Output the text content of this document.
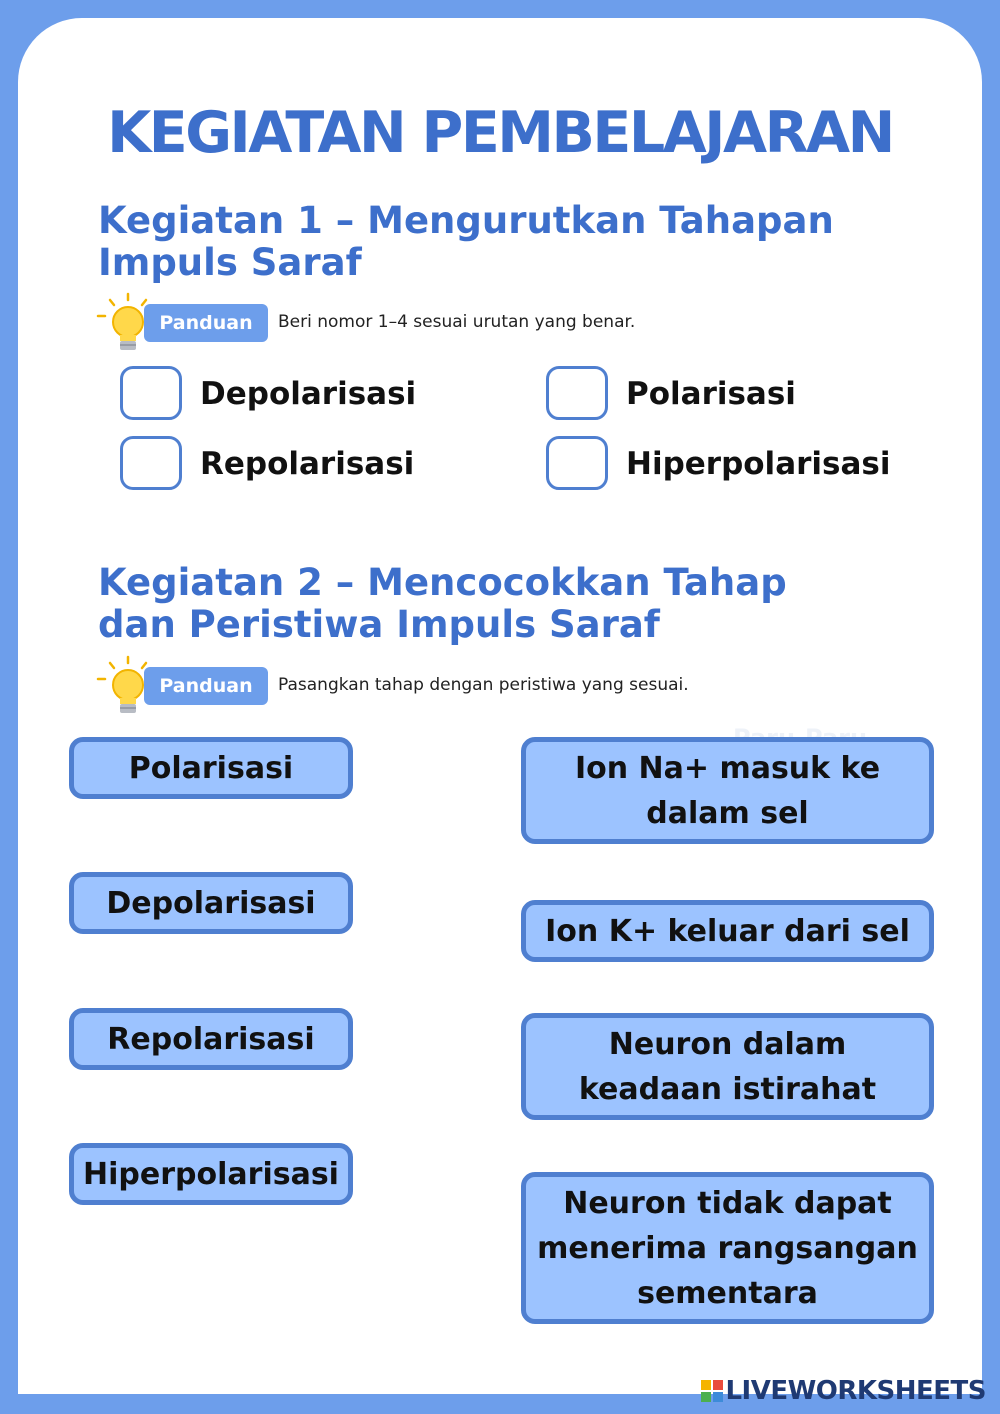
KEGIATAN PEMBELAJARAN
Kegiatan 1 – Mengurutkan Tahapan
Impuls Saraf
Panduan	Beri nomor 1–4 sesuai urutan yang benar.
Depolarisasi	Polarisasi
Repolarisasi	Hiperpolarisasi
Kegiatan 2 – Mencocokkan Tahap
dan Peristiwa Impuls Saraf
Panduan	Pasangkan tahap dengan peristiwa yang sesuai.
Polarisasi
Depolarisasi
Repolarisasi
Hiperpolarisasi
Ion Na+ masuk ke
dalam sel
Ion K+ keluar dari sel
Neuron dalam
keadaan istirahat
Neuron tidak dapat
menerima rangsangan
sementara
LIVEWORKSHEETS
